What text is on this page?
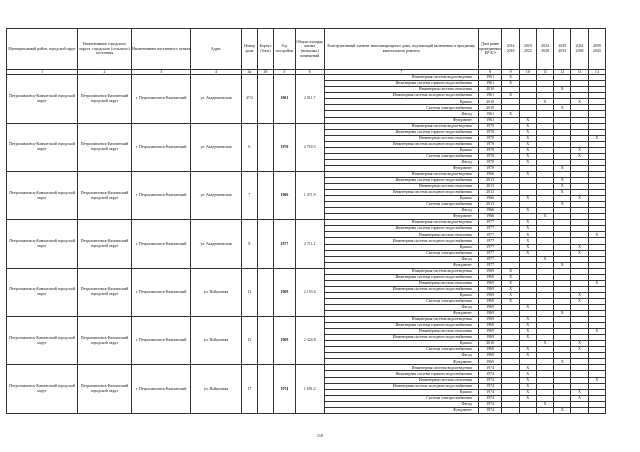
Муниципальный район, городской округ	Наименование городского округа, городского (сельского) поселения	Наименование населенного пункта	Адрес	Номер дома	Корпус (блок)	Год постройки	Общая площадь жилых (нежилых) помещений	Конструктивный элемент многоквартирного дома, подлежащий включению в программу капитального ремонта	Дата ранее проведенных КР КЭ	2014 2018	2019 2023	2024 2028	2029 2033	2034 2038	2039 2043
1	2	3	4	4а	4б	5	6	7	8	9	10	11	12	13	14
Петропавловск-Камчатский городской округ	Петропавловск-Камчатский городской округ	г. Петропавловск-Камчатский	ул. Академическая	47/3		1961	2 011.7	Инженерная система водоотведения	1961	X					
								Инженерная система горячего водоснабжения	1961	X					
								Инженерная система отопления	2010				X		
								Инженерная система холодного водоснабжения	1961	X					
								Крыша	2010			X		X	
								Система электроснабжения	2010				X		
								Фасад	1961	X					
								Фундамент	1961		X				
Петропавловск-Камчатский городской округ	Петропавловск-Камчатский городской округ	г. Петропавловск-Камчатский	ул. Академическая	6		1970	2 718.3	Инженерная система водоотведения	1970		X				
								Инженерная система горячего водоснабжения	1970		X				
								Инженерная система отопления	1970		X				X
								Инженерная система холодного водоснабжения	1970		X				
								Крыша	1970		X			X	
								Система электроснабжения	1970		X			X	
								Фасад	1970		X				
								Фундамент	1970				X		
Петропавловск-Камчатский городской округ	Петропавловск-Камчатский городской округ	г. Петропавловск-Камчатский	ул. Академическая	7		1966	1 471.9	Инженерная система водоотведения	1966		X				
								Инженерная система горячего водоснабжения	2013				X		
								Инженерная система отопления	2013				X		
								Инженерная система холодного водоснабжения	2013				X		
								Крыша	1966		X			X	
								Система электроснабжения	2013				X		
								Фасад	1966		X				
								Фундамент	1966			X			
Петропавловск-Камчатский городской округ	Петропавловск-Камчатский городской округ	г. Петропавловск-Камчатский	ул. Академическая	8		1977	2 711.2	Инженерная система водоотведения	1977		X				
								Инженерная система горячего водоснабжения	1977		X				
								Инженерная система отопления	1977		X				X
								Инженерная система холодного водоснабжения	1977		X				
								Крыша	1977		X			X	
								Система электроснабжения	1977		X			X	
								Фасад	1977			X			
								Фундамент	1977				X		
Петропавловск-Камчатский городской округ	Петропавловск-Камчатский городской округ	г. Петропавловск-Камчатский	ул. Войцешека	13		1969	2 153.4	Инженерная система водоотведения	1969	X					
								Инженерная система горячего водоснабжения	1969	X					
								Инженерная система отопления	1969	X					X
								Инженерная система холодного водоснабжения	1969	X					
								Крыша	1969	X				X	
								Система электроснабжения	1969	X				X	
								Фасад	1969		X				
								Фундамент	1969				X		
Петропавловск-Камчатский городской округ	Петропавловск-Камчатский городской округ	г. Петропавловск-Камчатский	ул. Войцешека	15		1969	2 324.8	Инженерная система водоотведения	1969		X				
								Инженерная система горячего водоснабжения	1969		X				
								Инженерная система отопления	1969		X				X
								Инженерная система холодного водоснабжения	1969		X				
								Крыша	2010			X		X	
								Система электроснабжения	1969		X			X	
								Фасад	1969		X				
								Фундамент	1969				X		
Петропавловск-Камчатский городской округ	Петропавловск-Камчатский городской округ	г. Петропавловск-Камчатский	ул. Войцешека	17		1974	1 691.2	Инженерная система водоотведения	1974		X				
								Инженерная система горячего водоснабжения	1974		X				
								Инженерная система отопления	1974		X				X
								Инженерная система холодного водоснабжения	1974		X				
								Крыша	1974		X			X	
								Система электроснабжения	1974		X			X	
								Фасад	1974			X			
								Фундамент	1974				X		
110
